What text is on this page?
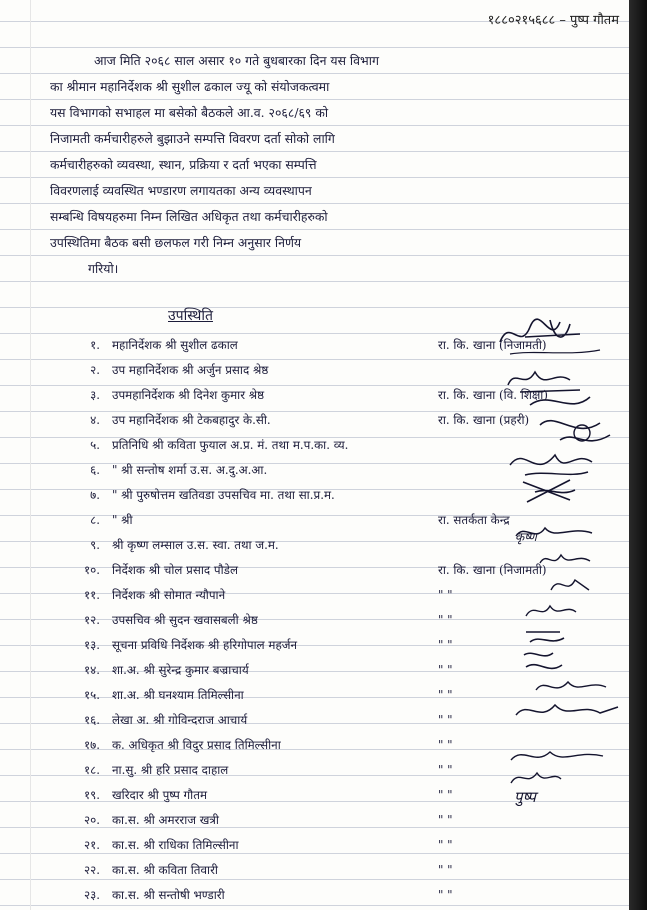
१८८०२१५६८८ – पुष्प गौतम
आज मिति २०६८ साल असार १० गते बुधबारका दिन यस विभाग
का श्रीमान महानिर्देशक श्री सुशील ढकाल ज्यू को संयोजकत्वमा
यस विभागको सभाहल मा बसेको बैठकले आ.व. २०६८/६९ को
निजामती कर्मचारीहरुले बुझाउने सम्पत्ति विवरण दर्ता सोको लागि
कर्मचारीहरुको व्यवस्था, स्थान, प्रक्रिया र दर्ता भएका सम्पत्ति
विवरणलाई व्यवस्थित भण्डारण लगायतका अन्य व्यवस्थापन
सम्बन्धि विषयहरुमा निम्न लिखित अधिकृत तथा कर्मचारीहरुको
उपस्थितिमा बैठक बसी छलफल गरी निम्न अनुसार निर्णय
गरियो।
उपस्थिति
१. महानिर्देशक श्री सुशील ढकाल	रा. कि. खाना (निजामती)
२. उप महानिर्देशक श्री अर्जुन प्रसाद श्रेष्ठ
३. उपमहानिर्देशक श्री दिनेश कुमार श्रेष्ठ	रा. कि. खाना (वि. शिक्षा)
४. उप महानिर्देशक श्री टेकबहादुर के.सी.	रा. कि. खाना (प्रहरी)
५. प्रतिनिधि श्री कविता फुयाल अ.प्र. मं. तथा म.प.का. व्य.
६. " श्री सन्तोष शर्मा उ.स. अ.दु.अ.आ.
७. " श्री पुरुषोत्तम खतिवडा उपसचिव मा. तथा सा.प्र.म.
८. " श्री	रा. सतर्कता केन्द्र
९. श्री कृष्ण लम्साल उ.स. स्वा. तथा ज.म.
१०. निर्देशक श्री चोल प्रसाद पौडेल	रा. कि. खाना (निजामती)
११. निर्देशक श्री सोमात न्यौपाने	" "
१२. उपसचिव श्री सुदन खवासबली श्रेष्ठ	" "
१३. सूचना प्रविधि निर्देशक श्री हरिगोपाल महर्जन	" "
१४. शा.अ. श्री सुरेन्द्र कुमार बज्राचार्य	" "
१५. शा.अ. श्री घनश्याम तिमिल्सीना	" "
१६. लेखा अ. श्री गोविन्दराज आचार्य	" "
१७. क. अधिकृत श्री विदुर प्रसाद तिमिल्सीना	" "
१८. ना.सु. श्री हरि प्रसाद दाहाल	" "
१९. खरिदार श्री पुष्प गौतम	" "
२०. का.स. श्री अमरराज खत्री	" "
२१. का.स. श्री राधिका तिमिल्सीना	" "
२२. का.स. श्री कविता तिवारी	" "
२३. का.स. श्री सन्तोषी भण्डारी	" "
पुष्प
कृष्ण
